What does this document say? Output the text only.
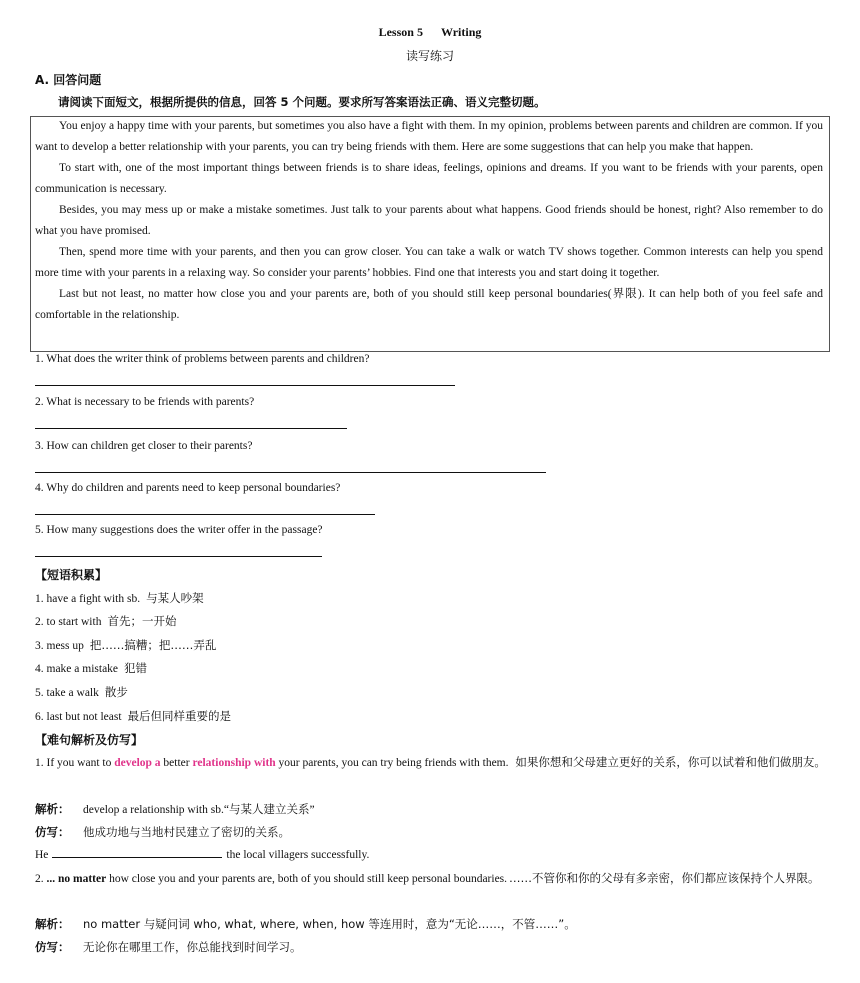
Lesson 5 Writing
读写练习
A. 回答问题
请阅读下面短文，根据所提供的信息，回答 5 个问题。要求所写答案语法正确、语义完整切题。

You enjoy a happy time with your parents, but sometimes you also have a fight with them. In my opinion, problems between parents and children are common. If you want to develop a better relationship with your parents, you can try being friends with them. Here are some suggestions that can help you make that happen.

To start with, one of the most important things between friends is to share ideas, feelings, opinions and dreams. If you want to be friends with your parents, open communication is necessary.

Besides, you may mess up or make a mistake sometimes. Just talk to your parents about what happens. Good friends should be honest, right? Also remember to do what you have promised.

Then, spend more time with your parents, and then you can grow closer. You can take a walk or watch TV shows together. Common interests can help you spend more time with your parents in a relaxing way. So consider your parents’ hobbies. Find one that interests you and start doing it together.

Last but not least, no matter how close you and your parents are, both of you should still keep personal boundaries(界限). It can help both of you feel safe and comfortable in the relationship.

1. What does the writer think of problems between parents and children?
2. What is necessary to be friends with parents?
3. How can children get closer to their parents?
4. Why do children and parents need to keep personal boundaries?
5. How many suggestions does the writer offer in the passage?
【短语积累】
1. have a fight with sb. 与某人吵架
2. to start with 首先；一开始
3. mess up 把……搞糟；把……弄乱
4. make a mistake 犯错
5. take a walk 散步
6. last but not least 最后但同样重要的是
【难句解析及仿写】
1. If you want to develop a better relationship with your parents, you can try being friends with them. 如果你想和父母建立更好的关系，你可以试着和他们做朋友。
解析： develop a relationship with sb.“与某人建立关系”
仿写： 他成功地与当地村民建立了密切的关系。
He	the local villagers successfully.
2. ... no matter how close you and your parents are, both of you should still keep personal boundaries. ……不管你和你的父母有多亲密，你们都应该保持个人界限。
解析： no matter 与疑问词 who, what, where, when, how 等连用时，意为“无论……，不管……”。
仿写： 无论你在哪里工作，你总能找到时间学习。
